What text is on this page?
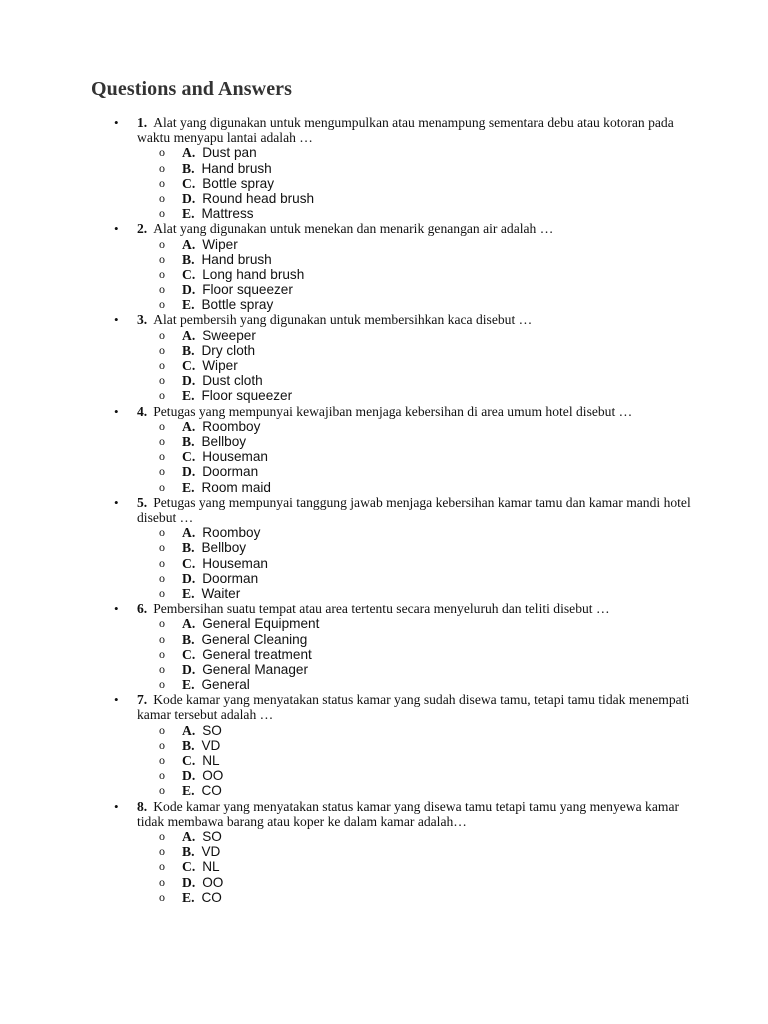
Questions and Answers
• 1. Alat yang digunakan untuk mengumpulkan atau menampung sementara debu atau kotoran pada waktu menyapu lantai adalah …
o A. Dust pan
o B. Hand brush
o C. Bottle spray
o D. Round head brush
o E. Mattress
• 2. Alat yang digunakan untuk menekan dan menarik genangan air adalah …
o A. Wiper
o B. Hand brush
o C. Long hand brush
o D. Floor squeezer
o E. Bottle spray
• 3. Alat pembersih yang digunakan untuk membersihkan kaca disebut …
o A. Sweeper
o B. Dry cloth
o C. Wiper
o D. Dust cloth
o E. Floor squeezer
• 4. Petugas yang mempunyai kewajiban menjaga kebersihan di area umum hotel disebut …
o A. Roomboy
o B. Bellboy
o C. Houseman
o D. Doorman
o E. Room maid
• 5. Petugas yang mempunyai tanggung jawab menjaga kebersihan kamar tamu dan kamar mandi hotel disebut …
o A. Roomboy
o B. Bellboy
o C. Houseman
o D. Doorman
o E. Waiter
• 6. Pembersihan suatu tempat atau area tertentu secara menyeluruh dan teliti disebut …
o A. General Equipment
o B. General Cleaning
o C. General treatment
o D. General Manager
o E. General
• 7. Kode kamar yang menyatakan status kamar yang sudah disewa tamu, tetapi tamu tidak menempati kamar tersebut adalah …
o A. SO
o B. VD
o C. NL
o D. OO
o E. CO
• 8. Kode kamar yang menyatakan status kamar yang disewa tamu tetapi tamu yang menyewa kamar tidak membawa barang atau koper ke dalam kamar adalah…
o A. SO
o B. VD
o C. NL
o D. OO
o E. CO
